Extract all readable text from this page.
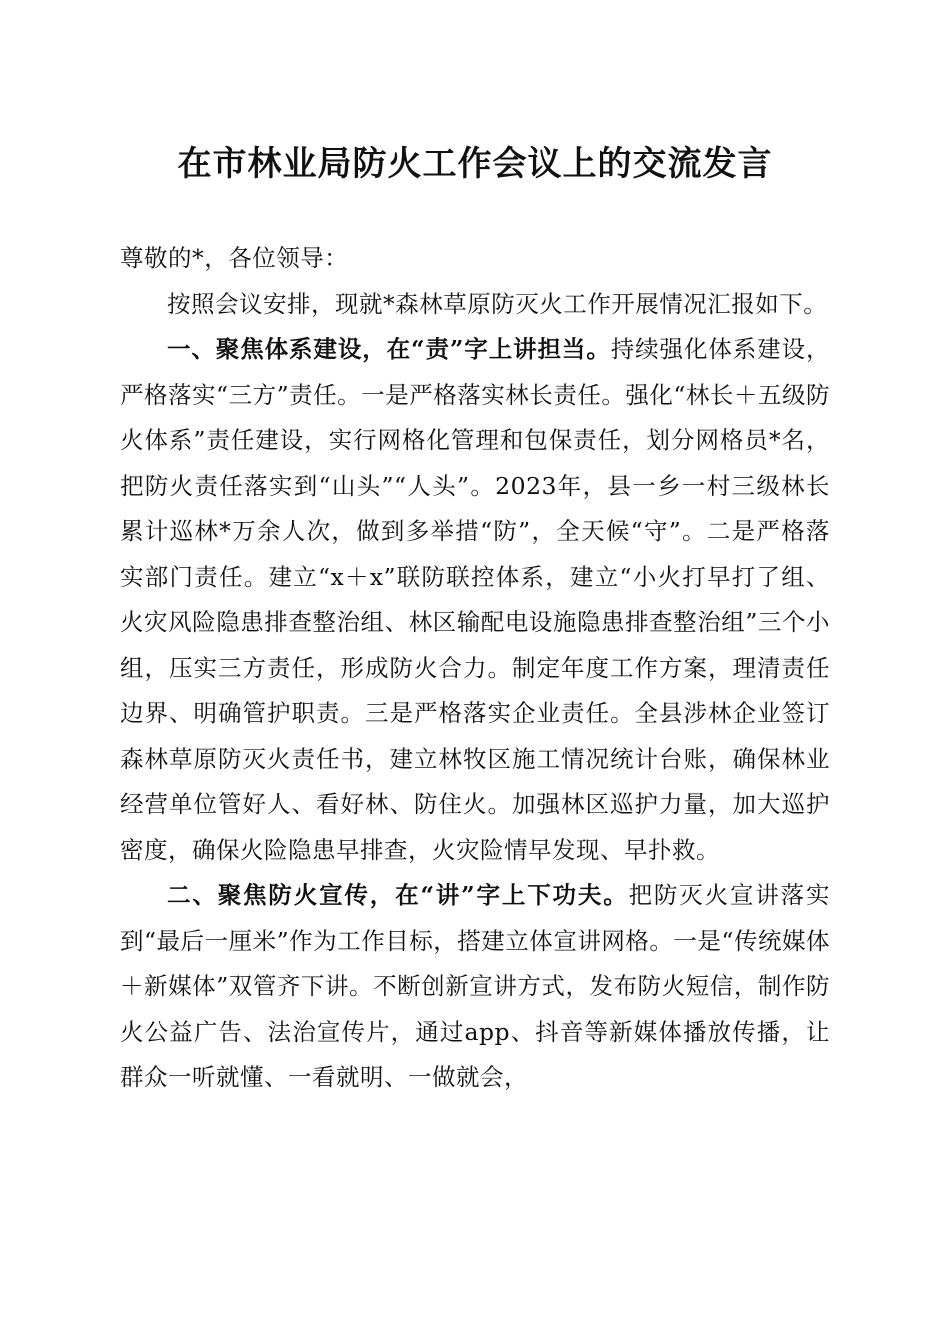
在市林业局防火工作会议上的交流发言

尊敬的*，各位领导：

按照会议安排，现就*森林草原防灭火工作开展情况汇报如下。

一、聚焦体系建设，在“责”字上讲担当。持续强化体系建设，严格落实“三方”责任。一是严格落实林长责任。强化“林长＋五级防火体系”责任建设，实行网格化管理和包保责任，划分网格员*名，把防火责任落实到“山头”“人头”。2023年，县一乡一村三级林长累计巡林*万余人次，做到多举措“防”，全天候“守”。二是严格落实部门责任。建立“x＋x”联防联控体系，建立“小火打早打了组、火灾风险隐患排查整治组、林区输配电设施隐患排查整治组”三个小组，压实三方责任，形成防火合力。制定年度工作方案，理清责任边界、明确管护职责。三是严格落实企业责任。全县涉林企业签订森林草原防灭火责任书，建立林牧区施工情况统计台账，确保林业经营单位管好人、看好林、防住火。加强林区巡护力量，加大巡护密度，确保火险隐患早排查，火灾险情早发现、早扑救。

二、聚焦防火宣传，在“讲”字上下功夫。把防灭火宣讲落实到“最后一厘米”作为工作目标，搭建立体宣讲网格。一是“传统媒体＋新媒体”双管齐下讲。不断创新宣讲方式，发布防火短信，制作防火公益广告、法治宣传片，通过app、抖音等新媒体播放传播，让群众一听就懂、一看就明、一做就会，
